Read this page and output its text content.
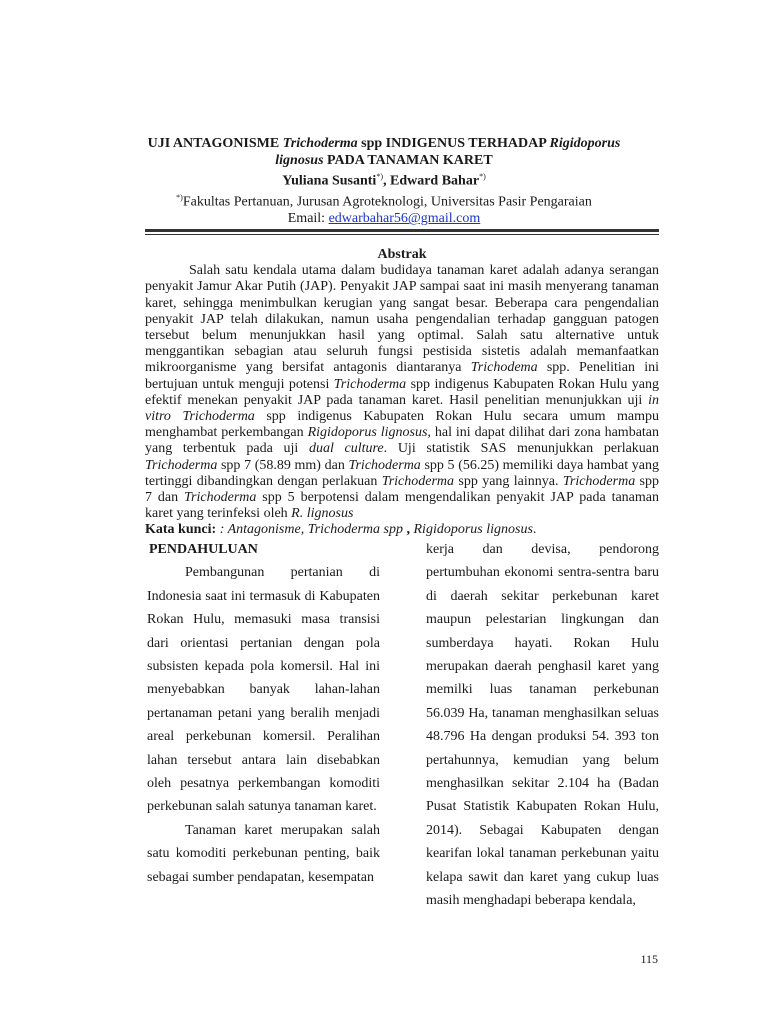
UJI ANTAGONISME Trichoderma spp INDIGENUS TERHADAP Rigidoporus
lignosus PADA TANAMAN KARET
Yuliana Susanti*), Edward Bahar*)
*)Fakultas Pertanuan, Jurusan Agroteknologi, Universitas Pasir Pengaraian
Email: edwarbahar56@gmail.com
Abstrak

Salah satu kendala utama dalam budidaya tanaman karet adalah adanya serangan penyakit Jamur Akar Putih (JAP). Penyakit JAP sampai saat ini masih menyerang tanaman karet, sehingga menimbulkan kerugian yang sangat besar. Beberapa cara pengendalian penyakit JAP telah dilakukan, namun usaha pengendalian terhadap gangguan patogen tersebut belum menunjukkan hasil yang optimal. Salah satu alternative untuk menggantikan sebagian atau seluruh fungsi pestisida sistetis adalah memanfaatkan mikroorganisme yang bersifat antagonis diantaranya Trichodema spp. Penelitian ini bertujuan untuk menguji potensi Trichoderma spp indigenus Kabupaten Rokan Hulu yang efektif menekan penyakit JAP pada tanaman karet. Hasil penelitian menunjukkan uji in vitro Trichoderma spp indigenus Kabupaten Rokan Hulu secara umum mampu menghambat perkembangan Rigidoporus lignosus, hal ini dapat dilihat dari zona hambatan yang terbentuk pada uji dual culture. Uji statistik SAS menunjukkan perlakuan Trichoderma spp 7 (58.89 mm) dan Trichoderma spp 5 (56.25) memiliki daya hambat yang tertinggi dibandingkan dengan perlakuan Trichoderma spp yang lainnya. Trichoderma spp 7 dan Trichoderma spp 5 berpotensi dalam mengendalikan penyakit JAP pada tanaman karet yang terinfeksi oleh R. lignosus

Kata kunci: : Antagonisme, Trichoderma spp , Rigidoporus lignosus.

PENDAHULUAN

Pembangunan pertanian di Indonesia saat ini termasuk di Kabupaten Rokan Hulu, memasuki masa transisi dari orientasi pertanian dengan pola subsisten kepada pola komersil. Hal ini menyebabkan banyak lahan-lahan pertanaman petani yang beralih menjadi areal perkebunan komersil. Peralihan lahan tersebut antara lain disebabkan oleh pesatnya perkembangan komoditi perkebunan salah satunya tanaman karet.

Tanaman karet merupakan salah satu komoditi perkebunan penting, baik sebagai sumber pendapatan, kesempatan

kerja dan devisa, pendorong pertumbuhan ekonomi sentra-sentra baru di daerah sekitar perkebunan karet maupun pelestarian lingkungan dan sumberdaya hayati. Rokan Hulu merupakan daerah penghasil karet yang memilki luas tanaman perkebunan 56.039 Ha, tanaman menghasilkan seluas 48.796 Ha dengan produksi 54. 393 ton pertahunnya, kemudian yang belum menghasilkan sekitar 2.104 ha (Badan Pusat Statistik Kabupaten Rokan Hulu, 2014). Sebagai Kabupaten dengan kearifan lokal tanaman perkebunan yaitu kelapa sawit dan karet yang cukup luas masih menghadapi beberapa kendala,

115
